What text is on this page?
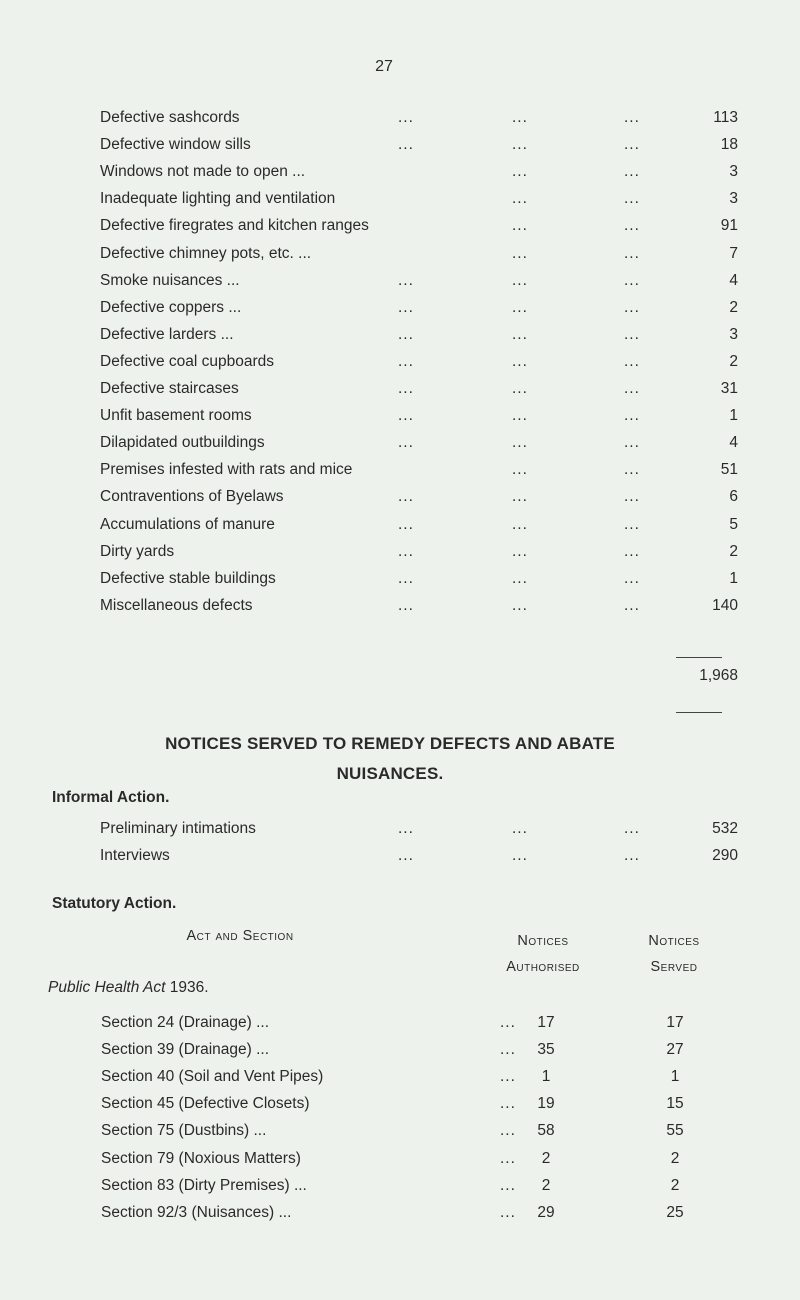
27
Defective sashcords	...	...	...	113
Defective window sills	...	...	...	18
Windows not made to open ...	...	...	3
Inadequate lighting and ventilation	...	...	3
Defective firegrates and kitchen ranges	...	...	91
Defective chimney pots, etc. ...	...	...	7
Smoke nuisances ...	...	...	...	4
Defective coppers ...	...	...	...	2
Defective larders ...	...	...	...	3
Defective coal cupboards	...	...	...	2
Defective staircases	...	...	...	31
Unfit basement rooms	...	...	...	1
Dilapidated outbuildings	...	...	...	4
Premises infested with rats and mice	...	...	51
Contraventions of Byelaws	...	...	...	6
Accumulations of manure	...	...	...	5
Dirty yards	...	...	...	2
Defective stable buildings	...	...	...	1
Miscellaneous defects	...	...	...	140
1,968
NOTICES SERVED TO REMEDY DEFECTS AND ABATE
NUISANCES.
Informal Action.
Preliminary intimations	...	...	...	532
Interviews	...	...	...	290
Statutory Action.
Act and Section	Notices
Authorised
Notices
Served
Public Health Act 1936.
Section 24 (Drainage) ...	...	17	17
Section 39 (Drainage) ...	...	35	27
Section 40 (Soil and Vent Pipes)	...	1	1
Section 45 (Defective Closets)	...	19	15
Section 75 (Dustbins) ...	...	58	55
Section 79 (Noxious Matters)	...	2	2
Section 83 (Dirty Premises) ...	...	2	2
Section 92/3 (Nuisances) ...	...	29	25
